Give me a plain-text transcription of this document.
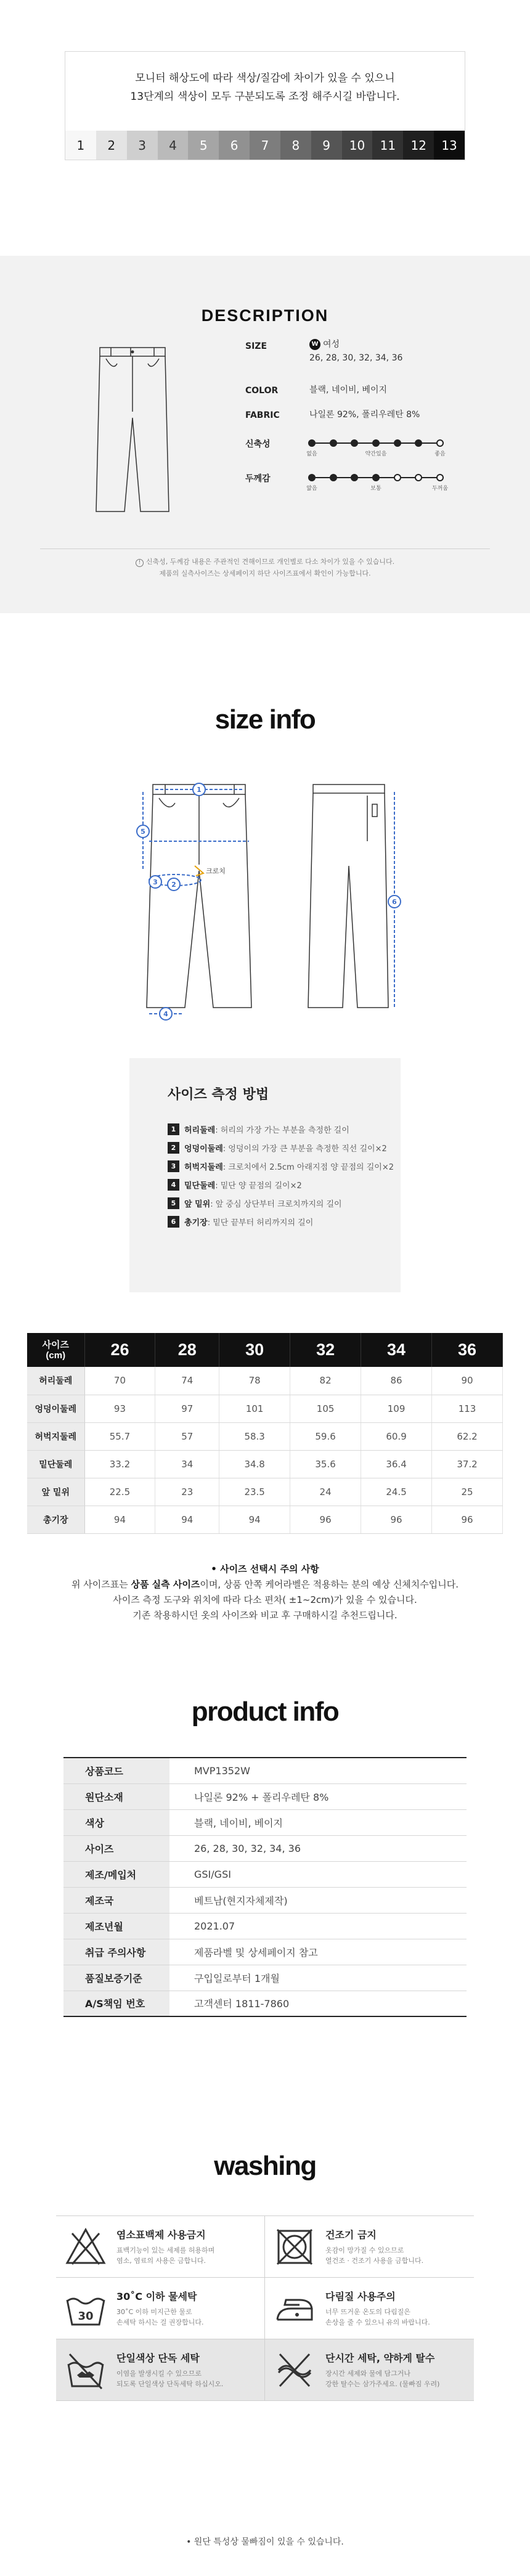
모니터 해상도에 따라 색상/질감에 차이가 있을 수 있으니
13단계의 색상이 모두 구분되도록 조정 해주시길 바랍니다.
1	2	3	4	5	6	7	8	9	10	11	12	13
DESCRIPTION
SIZE	W 여성
26, 28, 30, 32, 34, 36
COLOR	블랙, 네이비, 베이지
FABRIC	나일론 92%, 폴리우레탄 8%
신축성
없음	약간있음	좋음
두께감
얇음	보통	두꺼움
! 신축성, 두께감 내용은 주관적인 견해이므로 개인별로 다소 차이가 있을 수 있습니다.
제품의 실측사이즈는 상세페이지 하단 사이즈표에서 확인이 가능합니다.
size info
크로치
1
2
3
4
5
6
사이즈 측정 방법
1	허리둘레 : 허리의 가장 가는 부분을 측정한 길이
2	엉덩이둘레 : 엉덩이의 가장 큰 부분을 측정한 직선 길이×2
3	허벅지둘레 : 크로치에서 2.5cm 아래지점 양 끝점의 길이×2
4	밑단둘레 : 밑단 양 끝점의 길이×2
5	앞 밑위 : 앞 중심 상단부터 크로치까지의 길이
6	총기장 : 밑단 끝부터 허리까지의 길이
사이즈
(cm)	26	28	30	32	34	36
허리둘레	70	74	78	82	86	90
엉덩이둘레	93	97	101	105	109	113
허벅지둘레	55.7	57	58.3	59.6	60.9	62.2
밑단둘레	33.2	34	34.8	35.6	36.4	37.2
앞 밑위	22.5	23	23.5	24	24.5	25
총기장	94	94	94	96	96	96
• 사이즈 선택시 주의 사항
위 사이즈표는 상품 실측 사이즈이며, 상품 안쪽 케어라벨은 적용하는 분의 예상 신체치수입니다.
사이즈 측정 도구와 위치에 따라 다소 편차( ±1~2cm)가 있을 수 있습니다.
기존 착용하시던 옷의 사이즈와 비교 후 구매하시길 추천드립니다.
product info
상품코드	MVP1352W
원단소재	나일론 92% + 폴리우레탄 8%
색상	블랙, 네이비, 베이지
사이즈	26, 28, 30, 32, 34, 36
제조/메입처	GSI/GSI
제조국	베트남(현지자체제작)
제조년월	2021.07
취급 주의사항	제품라벨 및 상세페이지 참고
품질보증기준	구입일로부터 1개월
A/S책임 번호	고객센터 1811-7860
washing
염소표백제 사용금지
표백기능이 있는 세제를 허용하며
염소, 염료의 사용은 금합니다.
건조기 금지
옷감이 망가질 수 있으므로
열건조 · 건조기 사용을 금합니다.
30
30˚C 이하 물세탁
30˚C 이하 미지근한 물로
손세탁 하시는 걸 권장합니다.
다림질 사용주의
너무 뜨거운 온도의 다림질은
손상을 줄 수 있으니 유의 바랍니다.
단일색상 단독 세탁
이염을 발생시킬 수 있으므로
되도록 단일색상 단독세탁 하십시오.
단시간 세탁, 약하게 탈수
장시간 세제와 물에 담그거나
강한 탈수는 삼가주세요. (물빠짐 우려)
• 원단 특성상 물빠짐이 있을 수 있습니다.
